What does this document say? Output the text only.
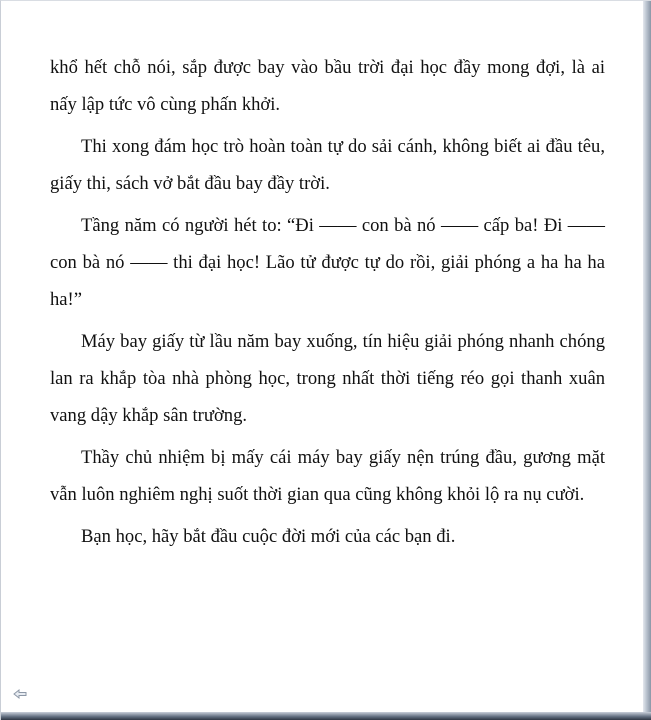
khổ hết chỗ nói, sắp được bay vào bầu trời đại học đầy mong đợi, là ai nấy lập tức vô cùng phấn khởi.

Thi xong đám học trò hoàn toàn tự do sải cánh, không biết ai đầu têu, giấy thi, sách vở bắt đầu bay đầy trời.

Tầng năm có người hét to: “Đi —— con bà nó —— cấp ba! Đi —— con bà nó —— thi đại học! Lão tử được tự do rồi, giải phóng a ha ha ha ha!”

Máy bay giấy từ lầu năm bay xuống, tín hiệu giải phóng nhanh chóng lan ra khắp tòa nhà phòng học, trong nhất thời tiếng réo gọi thanh xuân vang dậy khắp sân trường.

Thầy chủ nhiệm bị mấy cái máy bay giấy nện trúng đầu, gương mặt vẫn luôn nghiêm nghị suốt thời gian qua cũng không khỏi lộ ra nụ cười.

Bạn học, hãy bắt đầu cuộc đời mới của các bạn đi.
